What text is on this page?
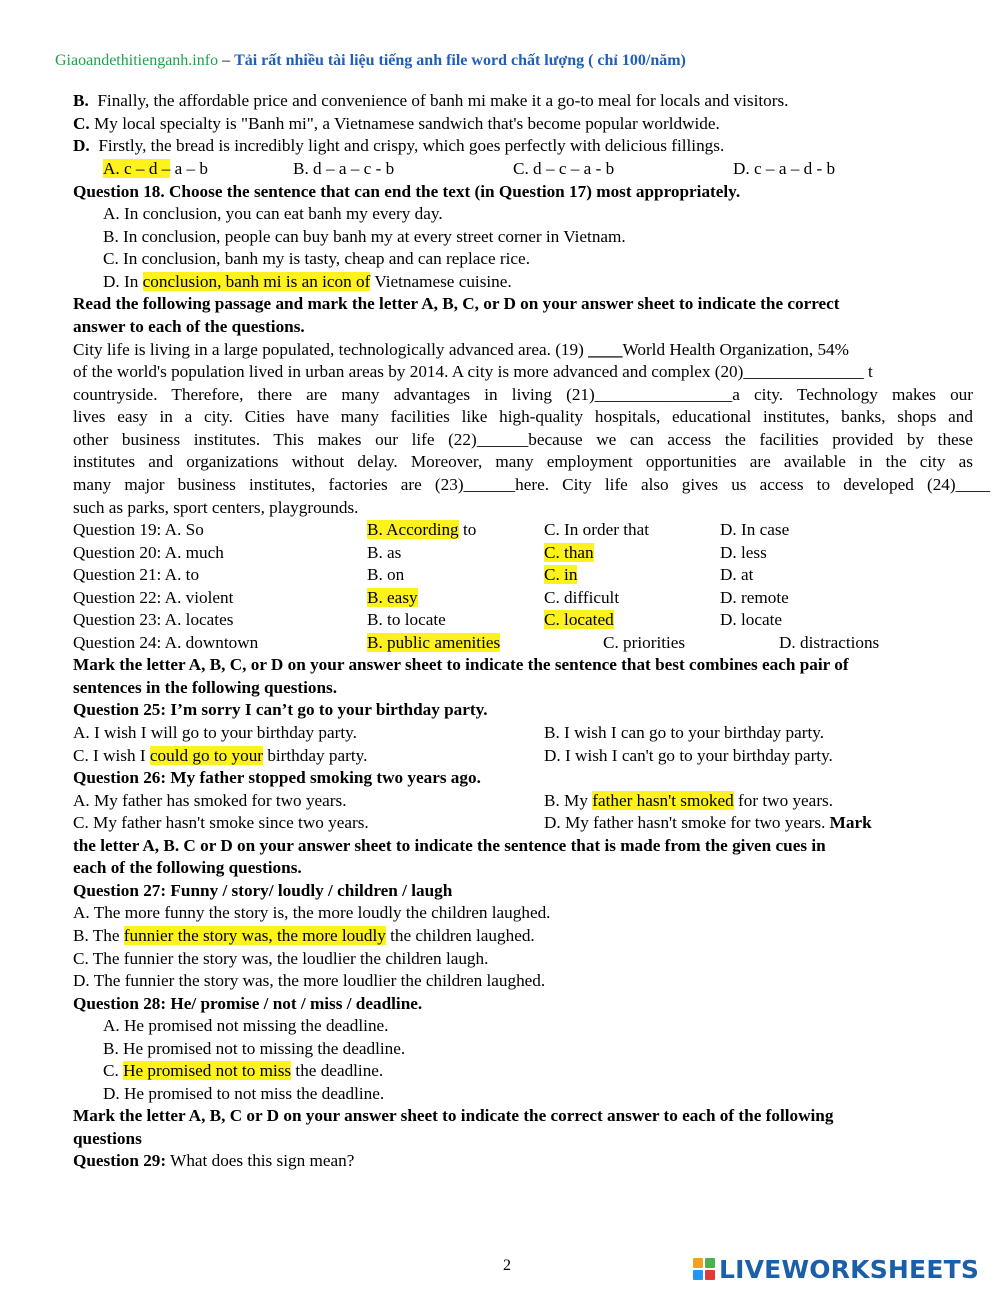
Giaoandethitienganh.info – Tải rất nhiều tài liệu tiếng anh file word chất lượng ( chỉ 100/năm)
B. Finally, the affordable price and convenience of banh mi make it a go-to meal for locals and visitors.
C. My local specialty is "Banh mi", a Vietnamese sandwich that's become popular worldwide.
D. Firstly, the bread is incredibly light and crispy, which goes perfectly with delicious fillings.
A. c – d – a – b	B. d – a – c - b	C. d – c – a - b	D. c – a – d - b
Question 18. Choose the sentence that can end the text (in Question 17) most appropriately.
A. In conclusion, you can eat banh my every day.
B. In conclusion, people can buy banh my at every street corner in Vietnam.
C. In conclusion, banh my is tasty, cheap and can replace rice.
D. In conclusion, banh mi is an icon of Vietnamese cuisine.
Read the following passage and mark the letter A, B, C, or D on your answer sheet to indicate the correct
answer to each of the questions.
City life is living in a large populated, technologically advanced area. (19) ____World Health Organization, 54%
of the world's population lived in urban areas by 2014. A city is more advanced and complex (20)______________ t
countryside. Therefore, there are many advantages in living (21)________________a city. Technology makes our
lives easy in a city. Cities have many facilities like high-quality hospitals, educational institutes, banks, shops and
other business institutes. This makes our life (22)______because we can access the facilities provided by these
institutes and organizations without delay. Moreover, many employment opportunities are available in the city as
many major business institutes, factories are (23)______here. City life also gives us access to developed (24)____
such as parks, sport centers, playgrounds.
Question 19: A. So	B. According to	C. In order that	D. In case
Question 20: A. much	B. as	C. than	D. less
Question 21: A. to	B. on	C. in	D. at
Question 22: A. violent	B. easy	C. difficult	D. remote
Question 23: A. locates	B. to locate	C. located	D. locate
Question 24: A. downtown	B. public amenities	C. priorities	D. distractions
Mark the letter A, B, C, or D on your answer sheet to indicate the sentence that best combines each pair of
sentences in the following questions.
Question 25: I’m sorry I can’t go to your birthday party.
A. I wish I will go to your birthday party.	B. I wish I can go to your birthday party.
C. I wish I could go to your birthday party.	D. I wish I can't go to your birthday party.
Question 26: My father stopped smoking two years ago.
A. My father has smoked for two years.	B. My father hasn't smoked for two years.
C. My father hasn't smoke since two years.	D. My father hasn't smoke for two years. Mark
the letter A, B. C or D on your answer sheet to indicate the sentence that is made from the given cues in
each of the following questions.
Question 27: Funny / story/ loudly / children / laugh
A. The more funny the story is, the more loudly the children laughed.
B. The funnier the story was, the more loudly the children laughed.
C. The funnier the story was, the loudlier the children laugh.
D. The funnier the story was, the more loudlier the children laughed.
Question 28: He/ promise / not / miss / deadline.
A. He promised not missing the deadline.
B. He promised not to missing the deadline.
C. He promised not to miss the deadline.
D. He promised to not miss the deadline.
Mark the letter A, B, C or D on your answer sheet to indicate the correct answer to each of the following
questions
Question 29: What does this sign mean?
2	LIVEWORKSHEETS
